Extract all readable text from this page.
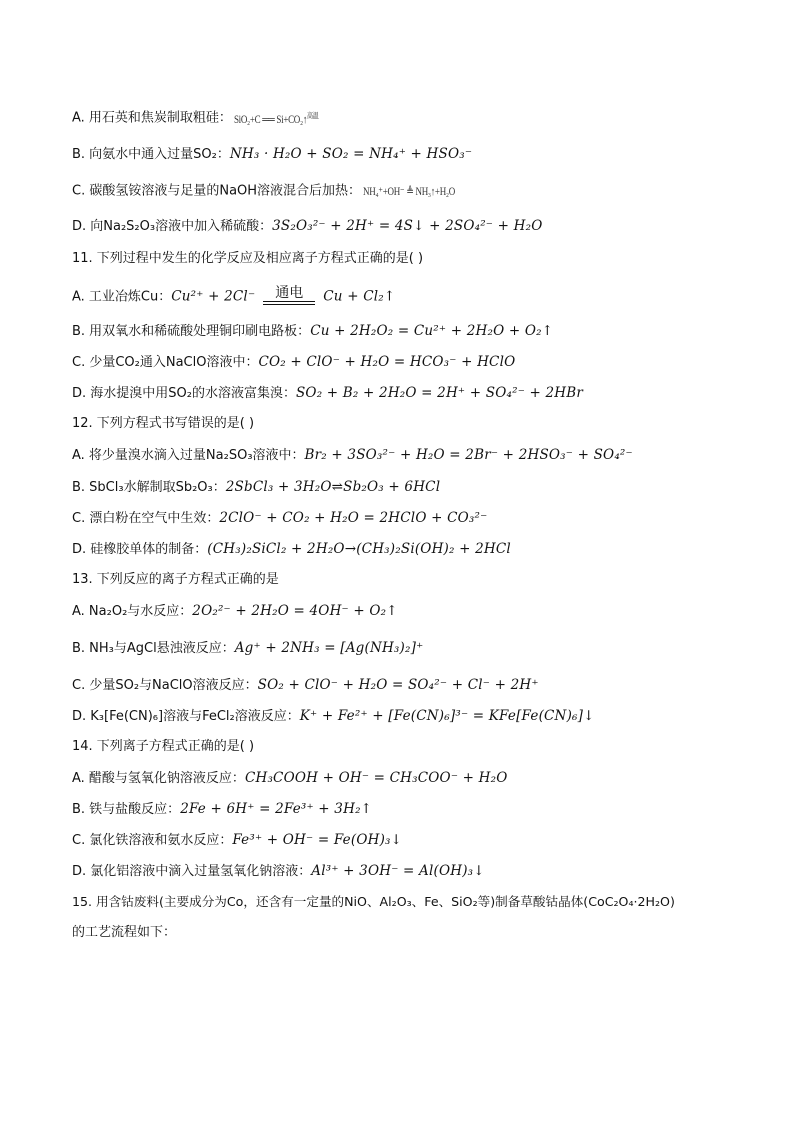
A. 用石英和焦炭制取粗硅： SiO₂+C ══ Si+CO₂↑$^{高温}$
B. 向氨水中通入过量SO₂：NH₃ · H₂O + SO₂ = NH₄⁺ + HSO₃⁻
C. 碳酸氢铵溶液与足量的NaOH溶液混合后加热： NH₄⁺+OH⁻ ≜ NH₃↑+H₂O
D. 向Na₂S₂O₃溶液中加入稀硫酸：3S₂O₃²⁻ + 2H⁺ = 4S↓ + 2SO₄²⁻ + H₂O
11. 下列过程中发生的化学反应及相应离子方程式正确的是( )
A. 工业冶炼Cu：Cu²⁺ + 2Cl⁻	通电	Cu + Cl₂↑
B. 用双氧水和稀硫酸处理铜印刷电路板：Cu + 2H₂O₂ = Cu²⁺ + 2H₂O + O₂↑
C. 少量CO₂通入NaClO溶液中：CO₂ + ClO⁻ + H₂O = HCO₃⁻ + HClO
D. 海水提溴中用SO₂的水溶液富集溴：SO₂ + B₂ + 2H₂O = 2H⁺ + SO₄²⁻ + 2HBr
12. 下列方程式书写错误的是( )
A. 将少量溴水滴入过量Na₂SO₃溶液中：Br₂ + 3SO₃²⁻ + H₂O = 2Br⁻ + 2HSO₃⁻ + SO₄²⁻
B. SbCl₃水解制取Sb₂O₃：2SbCl₃ + 3H₂O⇌Sb₂O₃ + 6HCl
C. 漂白粉在空气中生效：2ClO⁻ + CO₂ + H₂O = 2HClO + CO₃²⁻
D. 硅橡胶单体的制备：(CH₃)₂SiCl₂ + 2H₂O→(CH₃)₂Si(OH)₂ + 2HCl
13. 下列反应的离子方程式正确的是
A. Na₂O₂与水反应：2O₂²⁻ + 2H₂O = 4OH⁻ + O₂↑
B. NH₃与AgCl悬浊液反应：Ag⁺ + 2NH₃ = [Ag(NH₃)₂]⁺
C. 少量SO₂与NaClO溶液反应：SO₂ + ClO⁻ + H₂O = SO₄²⁻ + Cl⁻ + 2H⁺
D. K₃[Fe(CN)₆]溶液与FeCl₂溶液反应：K⁺ + Fe²⁺ + [Fe(CN)₆]³⁻ = KFe[Fe(CN)₆]↓
14. 下列离子方程式正确的是( )
A. 醋酸与氢氧化钠溶液反应：CH₃COOH + OH⁻ = CH₃COO⁻ + H₂O
B. 铁与盐酸反应：2Fe + 6H⁺ = 2Fe³⁺ + 3H₂↑
C. 氯化铁溶液和氨水反应：Fe³⁺ + OH⁻ = Fe(OH)₃↓
D. 氯化铝溶液中滴入过量氢氧化钠溶液：Al³⁺ + 3OH⁻ = Al(OH)₃↓
15. 用含钴废料(主要成分为Co，还含有一定量的NiO、Al₂O₃、Fe、SiO₂等)制备草酸钴晶体(CoC₂O₄·2H₂O)
的工艺流程如下：
